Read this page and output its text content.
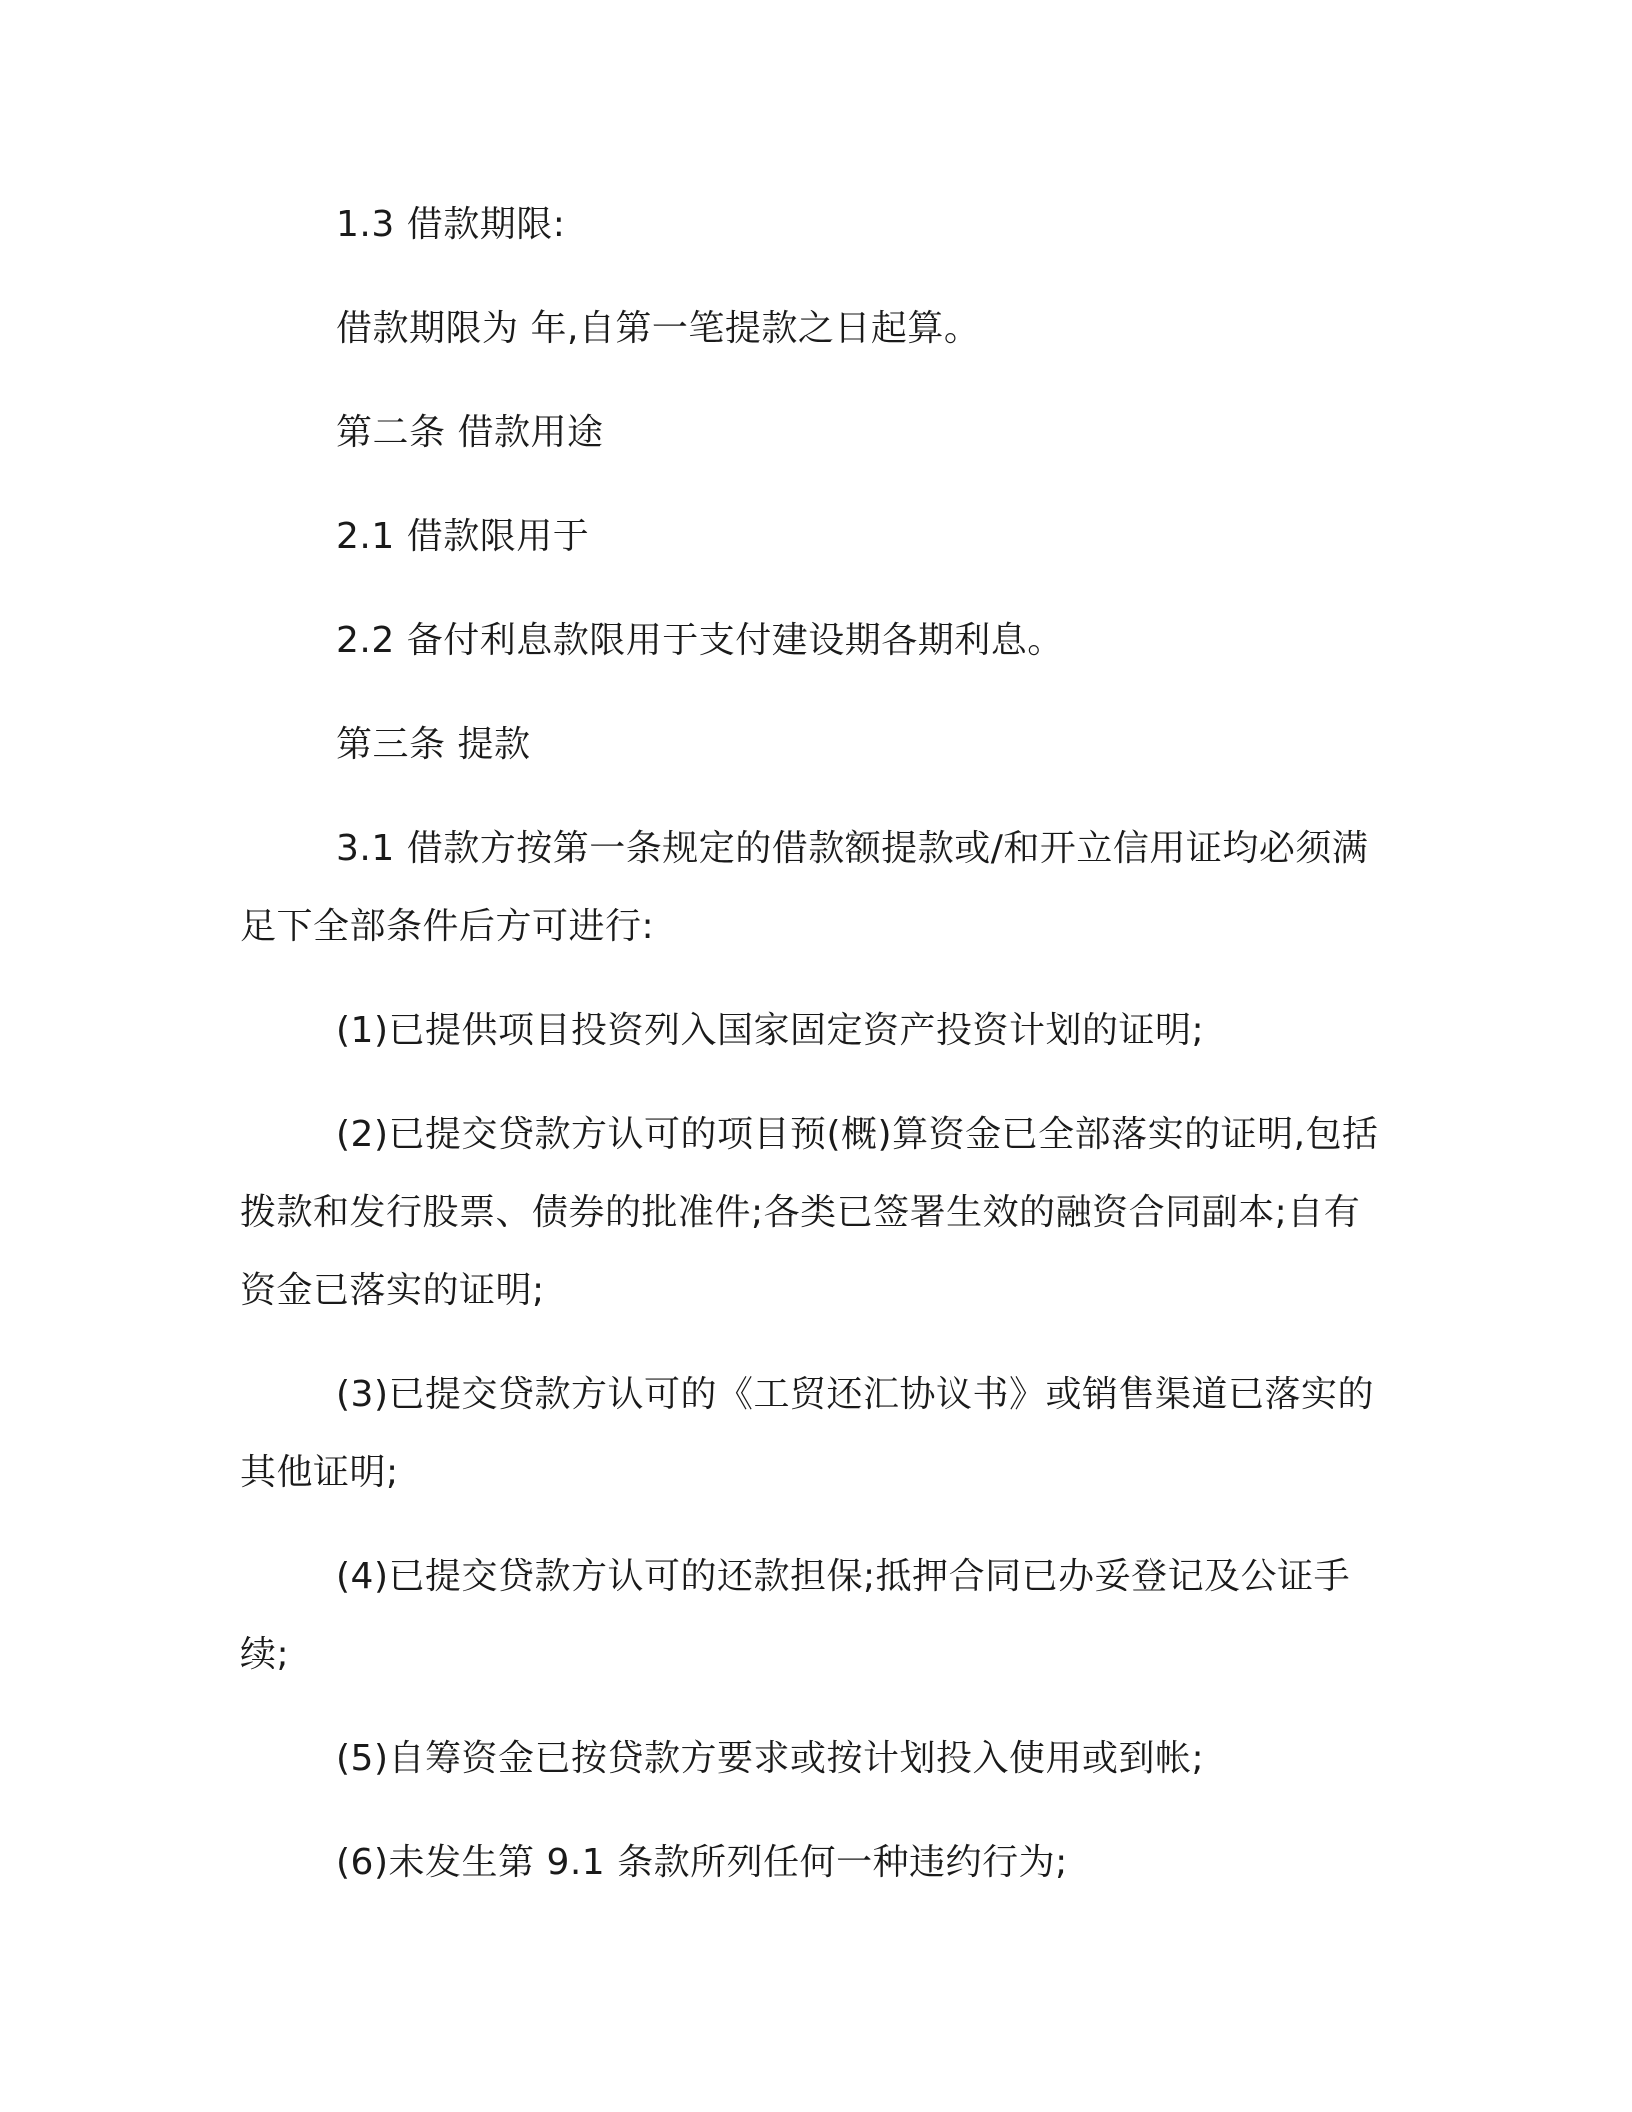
1.3 借款期限:

借款期限为 年,自第一笔提款之日起算。

第二条 借款用途

2.1 借款限用于

2.2 备付利息款限用于支付建设期各期利息。

第三条 提款

3.1 借款方按第一条规定的借款额提款或/和开立信用证均必须满足下全部条件后方可进行:

(1)已提供项目投资列入国家固定资产投资计划的证明;

(2)已提交贷款方认可的项目预(概)算资金已全部落实的证明,包括拨款和发行股票、债券的批准件;各类已签署生效的融资合同副本;自有资金已落实的证明;

(3)已提交贷款方认可的《工贸还汇协议书》或销售渠道已落实的其他证明;

(4)已提交贷款方认可的还款担保;抵押合同已办妥登记及公证手续;

(5)自筹资金已按贷款方要求或按计划投入使用或到帐;

(6)未发生第 9.1 条款所列任何一种违约行为;
